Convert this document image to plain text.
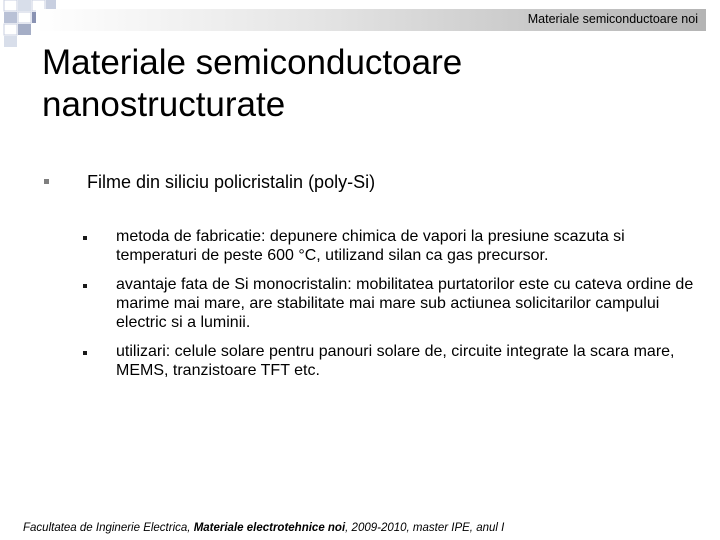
Materiale semiconductoare noi
Materiale semiconductoare
nanostructurate
Filme din siliciu policristalin (poly-Si)
metoda de fabricatie: depunere chimica de vapori la presiune scazuta si temperaturi de peste 600 °C, utilizand silan ca gas precursor.
avantaje fata de Si monocristalin: mobilitatea purtatorilor este cu cateva ordine de marime mai mare, are stabilitate mai mare sub actiunea solicitarilor campului electric si a luminii.
utilizari: celule solare pentru panouri solare de, circuite integrate la scara mare, MEMS, tranzistoare TFT etc.
Facultatea de Inginerie Electrica, Materiale electrotehnice noi, 2009-2010, master IPE, anul I
